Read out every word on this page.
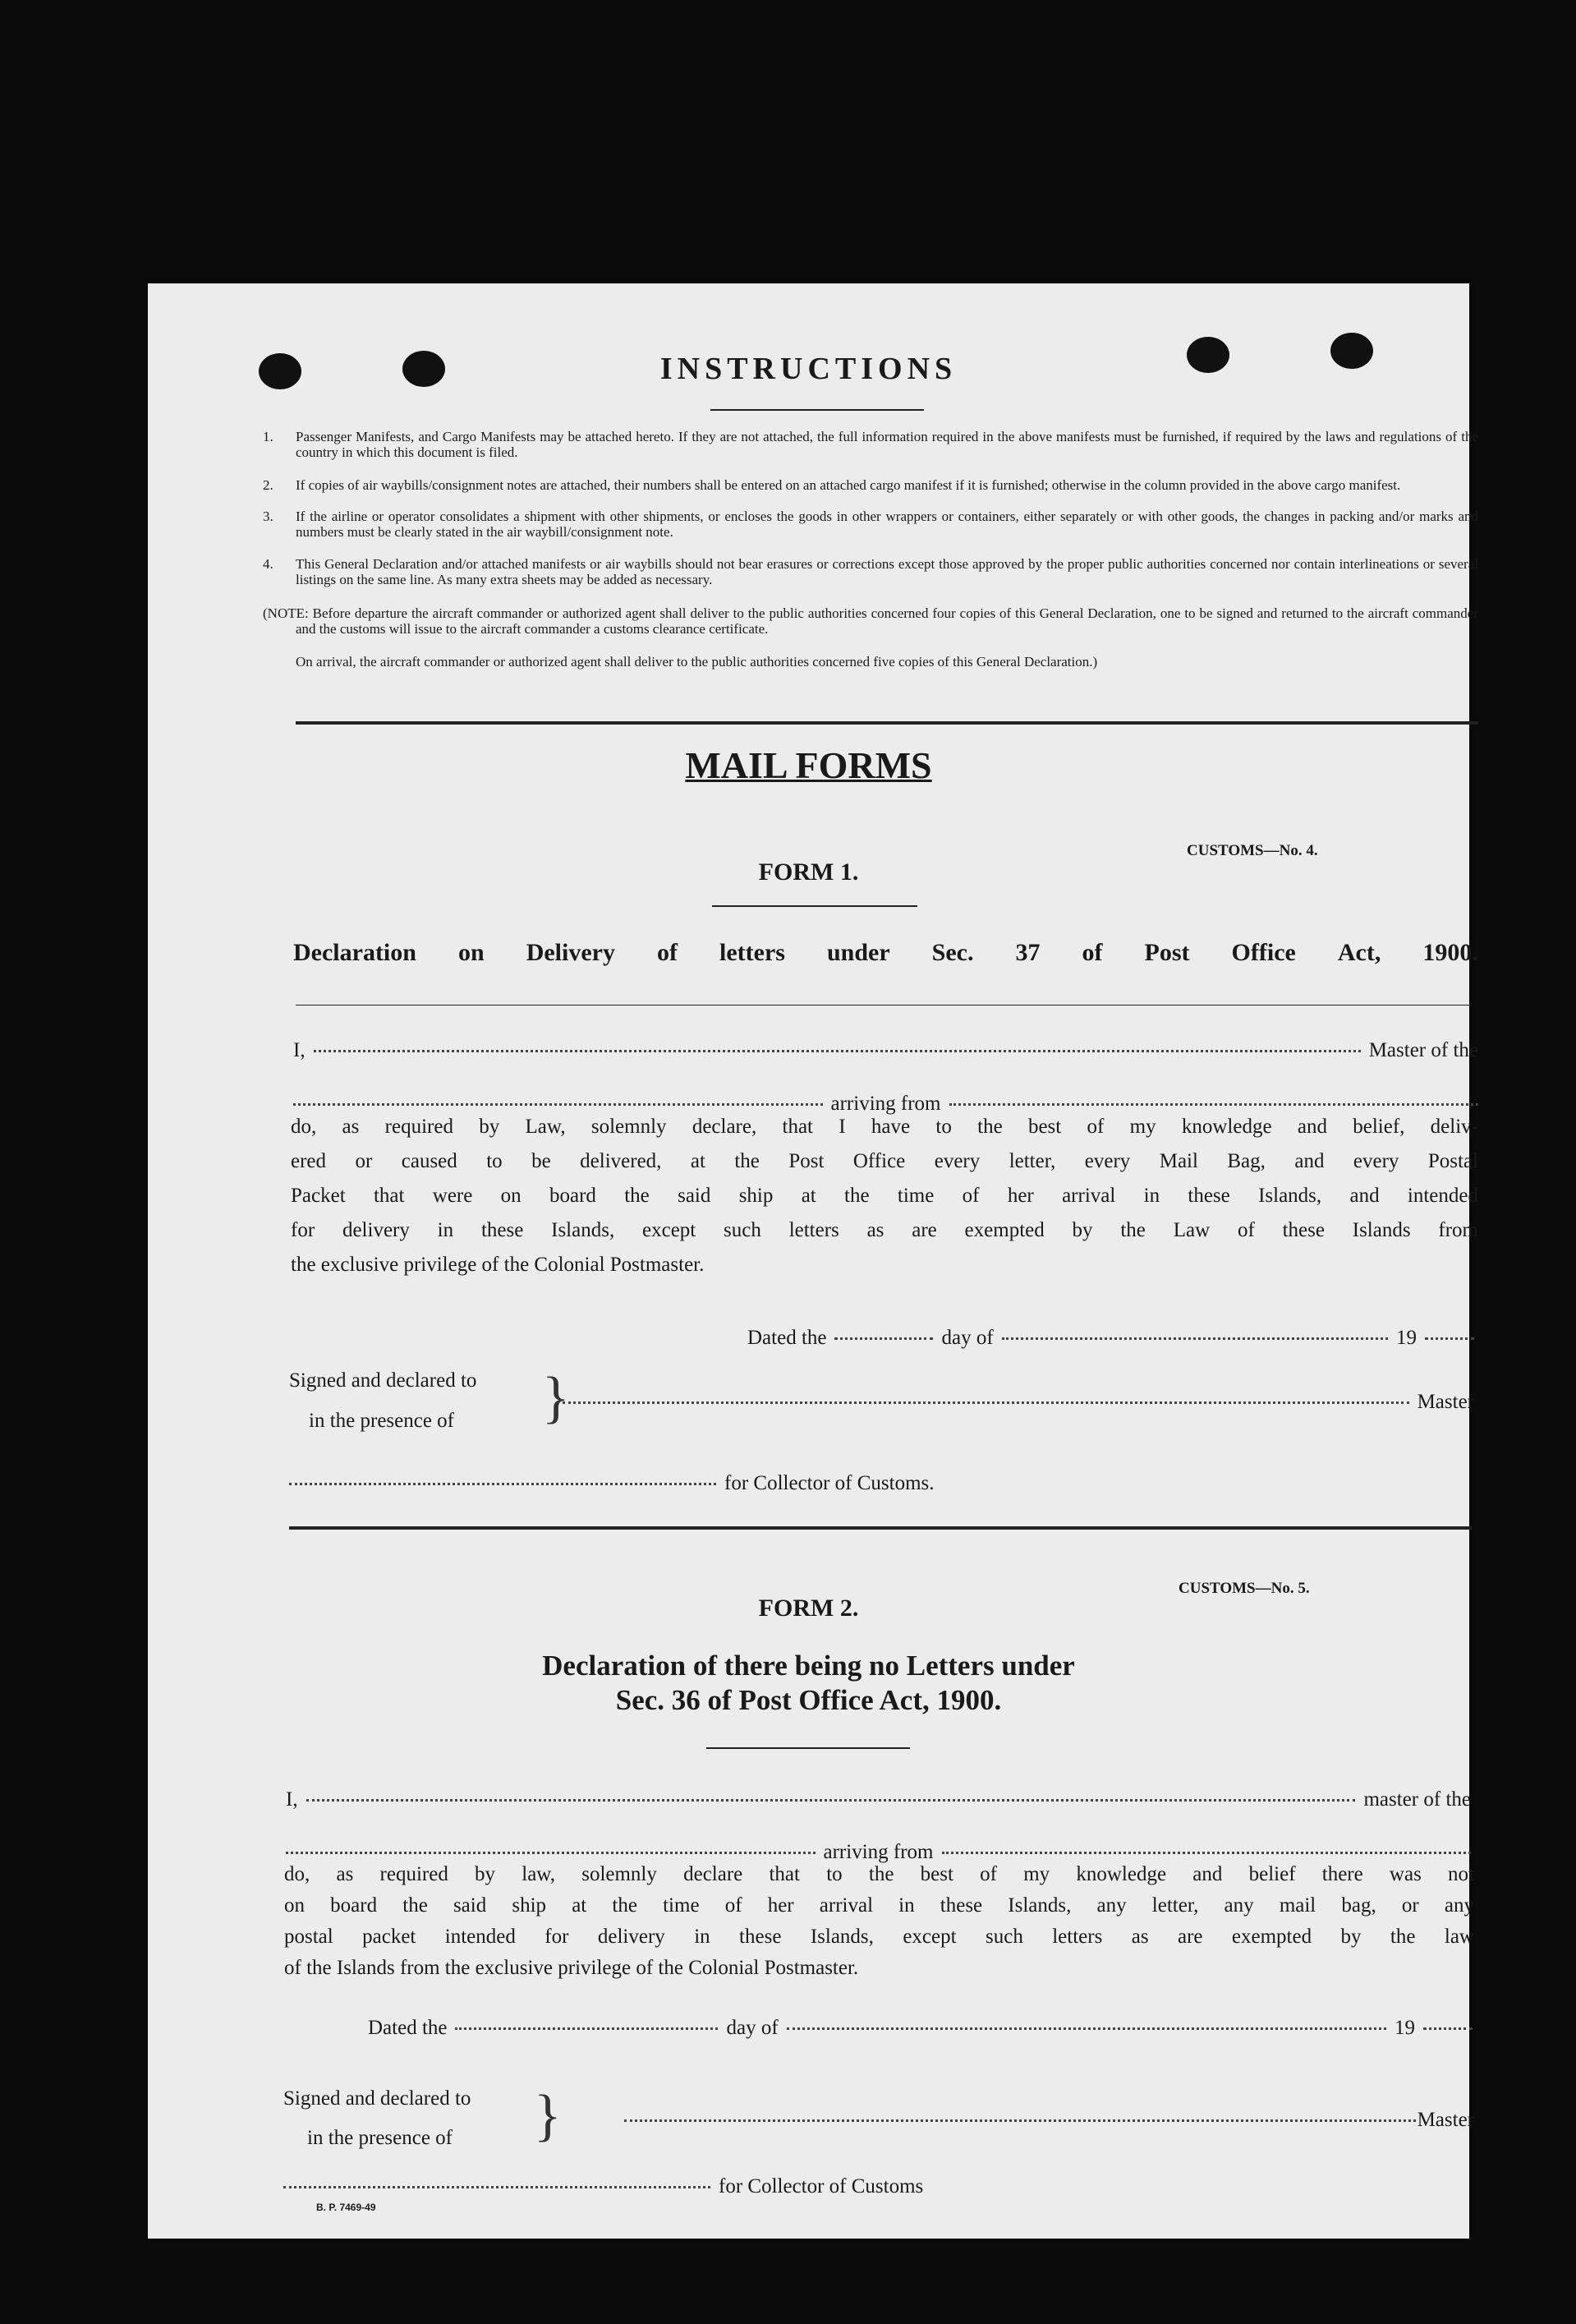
INSTRUCTIONS
1.	Passenger Manifests, and Cargo Manifests may be attached hereto. If they are not attached, the full information required in the above manifests must be furnished, if required by the laws and regulations of the country in which this document is filed.
2.	If copies of air waybills/consignment notes are attached, their numbers shall be entered on an attached cargo manifest if it is furnished; otherwise in the column provided in the above cargo manifest.
3.	If the airline or operator consolidates a shipment with other shipments, or encloses the goods in other wrappers or containers, either separately or with other goods, the changes in packing and/or marks and numbers must be clearly stated in the air waybill/consignment note.
4.	This General Declaration and/or attached manifests or air waybills should not bear erasures or corrections except those approved by the proper public authorities concerned nor contain interlineations or several listings on the same line. As many extra sheets may be added as necessary.
(NOTE: Before departure the aircraft commander or authorized agent shall deliver to the public authorities concerned four copies of this General Declaration, one to be signed and returned to the aircraft commander and the customs will issue to the aircraft commander a customs clearance certificate.
On arrival, the aircraft commander or authorized agent shall deliver to the public authorities concerned five copies of this General Declaration.)
MAIL FORMS
CUSTOMS—No. 4.
FORM 1.
Declaration on Delivery of letters under Sec. 37 of Post Office Act, 1900.
I,	Master of the
arriving from
do, as required by Law, solemnly declare, that I have to the best of my knowledge and belief, deliv-
ered or caused to be delivered, at the Post Office every letter, every Mail Bag, and every Postal
Packet that were on board the said ship at the time of her arrival in these Islands, and intended
for delivery in these Islands, except such letters as are exempted by the Law of these Islands from
the exclusive privilege of the Colonial Postmaster.
Dated the	day of	19
Signed and declared to
in the presence of }	Master
for Collector of Customs.
CUSTOMS—No. 5.
FORM 2.
Declaration of there being no Letters under
Sec. 36 of Post Office Act, 1900.
I,	master of the
arriving from
do, as required by law, solemnly declare that to the best of my knowledge and belief there was not
on board the said ship at the time of her arrival in these Islands, any letter, any mail bag, or any
postal packet intended for delivery in these Islands, except such letters as are exempted by the law
of the Islands from the exclusive privilege of the Colonial Postmaster.
Dated the	day of	19
Signed and declared to
in the presence of }	Master
for Collector of Customs
B. P. 7469-49
